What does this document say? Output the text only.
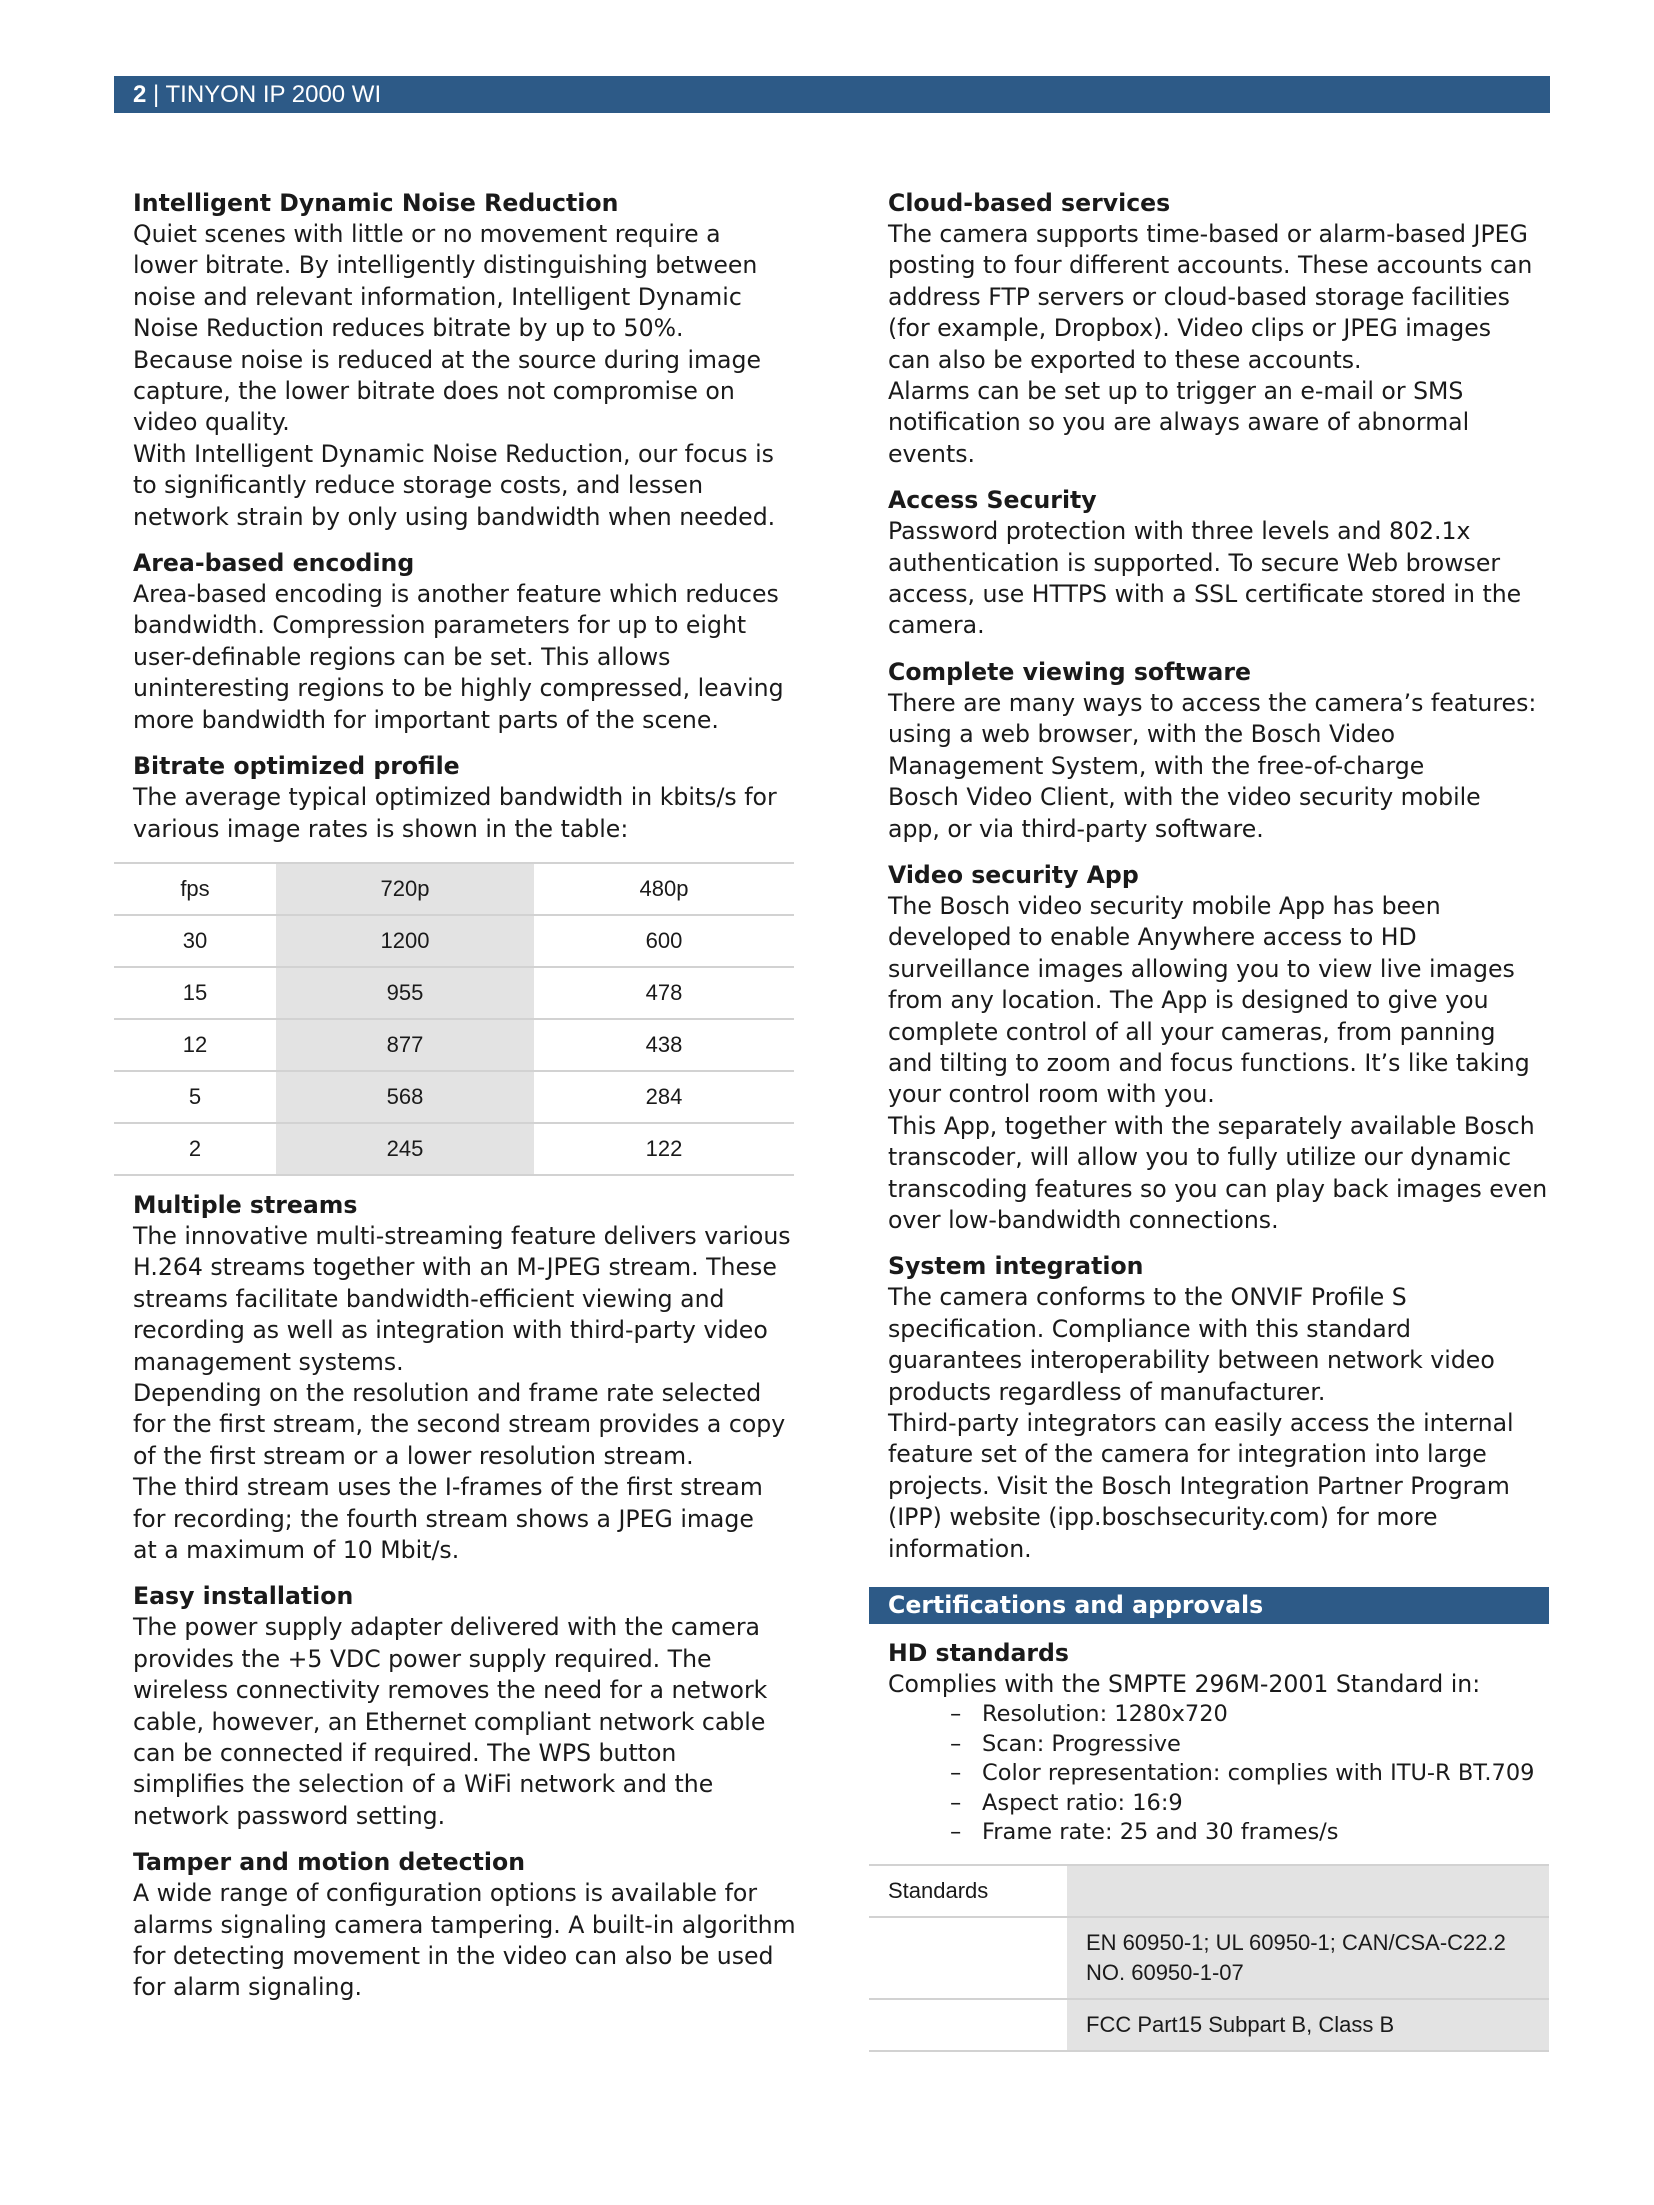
2 | TINYON IP 2000 WI
Intelligent Dynamic Noise Reduction

Quiet scenes with little or no movement require a
lower bitrate. By intelligently distinguishing between
noise and relevant information, Intelligent Dynamic
Noise Reduction reduces bitrate by up to 50%.
Because noise is reduced at the source during image
capture, the lower bitrate does not compromise on
video quality.
With Intelligent Dynamic Noise Reduction, our focus is
to significantly reduce storage costs, and lessen
network strain by only using bandwidth when needed.

Area-based encoding

Area-based encoding is another feature which reduces
bandwidth. Compression parameters for up to eight
user-definable regions can be set. This allows
uninteresting regions to be highly compressed, leaving
more bandwidth for important parts of the scene.

Bitrate optimized profile

The average typical optimized bandwidth in kbits/s for
various image rates is shown in the table:

fps	720p	480p
30	1200	600
15	955	478
12	877	438
5	568	284
2	245	122
Multiple streams

The innovative multi-streaming feature delivers various
H.264 streams together with an M-JPEG stream. These
streams facilitate bandwidth-efficient viewing and
recording as well as integration with third-party video
management systems.
Depending on the resolution and frame rate selected
for the first stream, the second stream provides a copy
of the first stream or a lower resolution stream.
The third stream uses the I-frames of the first stream
for recording; the fourth stream shows a JPEG image
at a maximum of 10 Mbit/s.

Easy installation

The power supply adapter delivered with the camera
provides the +5 VDC power supply required. The
wireless connectivity removes the need for a network
cable, however, an Ethernet compliant network cable
can be connected if required. The WPS button
simplifies the selection of a WiFi network and the
network password setting.

Tamper and motion detection

A wide range of configuration options is available for
alarms signaling camera tampering. A built-in algorithm
for detecting movement in the video can also be used
for alarm signaling.

Cloud-based services

The camera supports time-based or alarm-based JPEG
posting to four different accounts. These accounts can
address FTP servers or cloud-based storage facilities
(for example, Dropbox). Video clips or JPEG images
can also be exported to these accounts.
Alarms can be set up to trigger an e-mail or SMS
notification so you are always aware of abnormal
events.

Access Security

Password protection with three levels and 802.1x
authentication is supported. To secure Web browser
access, use HTTPS with a SSL certificate stored in the
camera.

Complete viewing software

There are many ways to access the camera’s features:
using a web browser, with the Bosch Video
Management System, with the free-of-charge
Bosch Video Client, with the video security mobile
app, or via third-party software.

Video security App

The Bosch video security mobile App has been
developed to enable Anywhere access to HD
surveillance images allowing you to view live images
from any location. The App is designed to give you
complete control of all your cameras, from panning
and tilting to zoom and focus functions. It’s like taking
your control room with you.
This App, together with the separately available Bosch
transcoder, will allow you to fully utilize our dynamic
transcoding features so you can play back images even
over low-bandwidth connections.

System integration

The camera conforms to the ONVIF Profile S
specification. Compliance with this standard
guarantees interoperability between network video
products regardless of manufacturer.
Third-party integrators can easily access the internal
feature set of the camera for integration into large
projects. Visit the Bosch Integration Partner Program
(IPP) website (ipp.boschsecurity.com) for more
information.

Certifications and approvals
HD standards

Complies with the SMPTE 296M-2001 Standard in:

– Resolution: 1280x720
– Scan: Progressive
– Color representation: complies with ITU-R BT.709
– Aspect ratio: 16:9
– Frame rate: 25 and 30 frames/s
Standards	
	EN 60950-1; UL 60950-1; CAN/CSA-C22.2
NO. 60950-1-07
	FCC Part15 Subpart B, Class B
